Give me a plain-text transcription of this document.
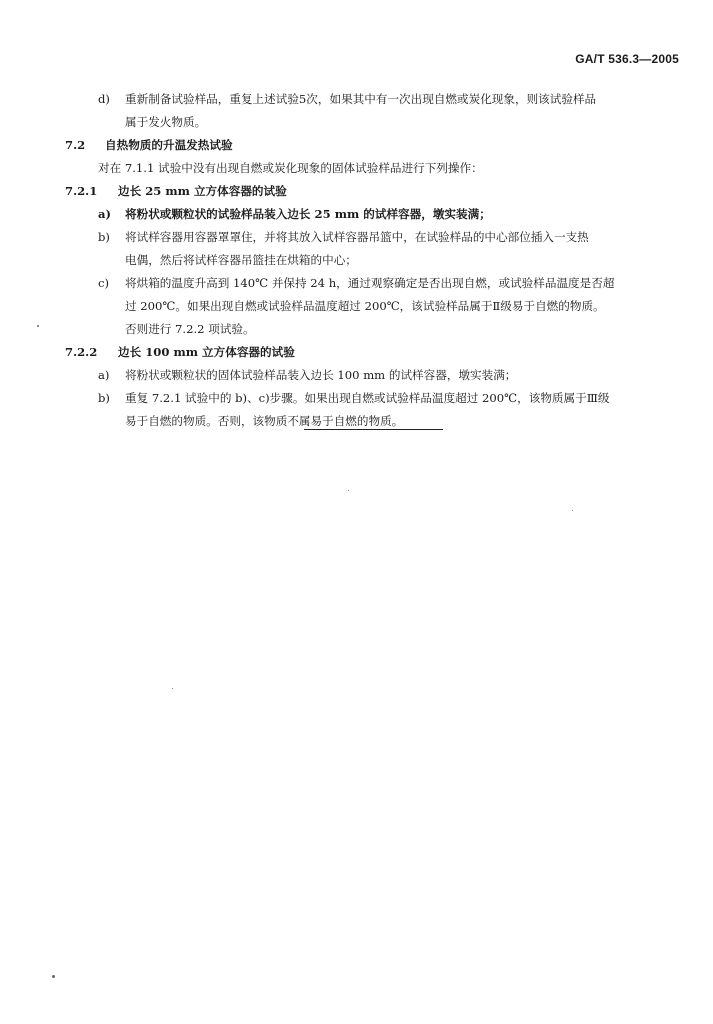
GA/T 536.3—2005
d) 重新制备试验样品，重复上述试验5次，如果其中有一次出现自燃或炭化现象，则该试验样品
属于发火物质。
7.2 自热物质的升温发热试验
对在 7.1.1 试验中没有出现自燃或炭化现象的固体试验样品进行下列操作：
7.2.1 边长 25 mm 立方体容器的试验
a) 将粉状或颗粒状的试验样品装入边长 25 mm 的试样容器，墩实装满；
b) 将试样容器用容器罩罩住，并将其放入试样容器吊篮中，在试验样品的中心部位插入一支热
电偶，然后将试样容器吊篮挂在烘箱的中心；
c) 将烘箱的温度升高到 140℃ 并保持 24 h，通过观察确定是否出现自燃，或试验样品温度是否超
过 200℃。如果出现自燃或试验样品温度超过 200℃，该试验样品属于Ⅱ级易于自燃的物质。
否则进行 7.2.2 项试验。
7.2.2 边长 100 mm 立方体容器的试验
a) 将粉状或颗粒状的固体试验样品装入边长 100 mm 的试样容器，墩实装满；
b) 重复 7.2.1 试验中的 b)、c)步骤。如果出现自燃或试验样品温度超过 200℃，该物质属于Ⅲ级
易于自燃的物质。否则，该物质不属易于自燃的物质。
